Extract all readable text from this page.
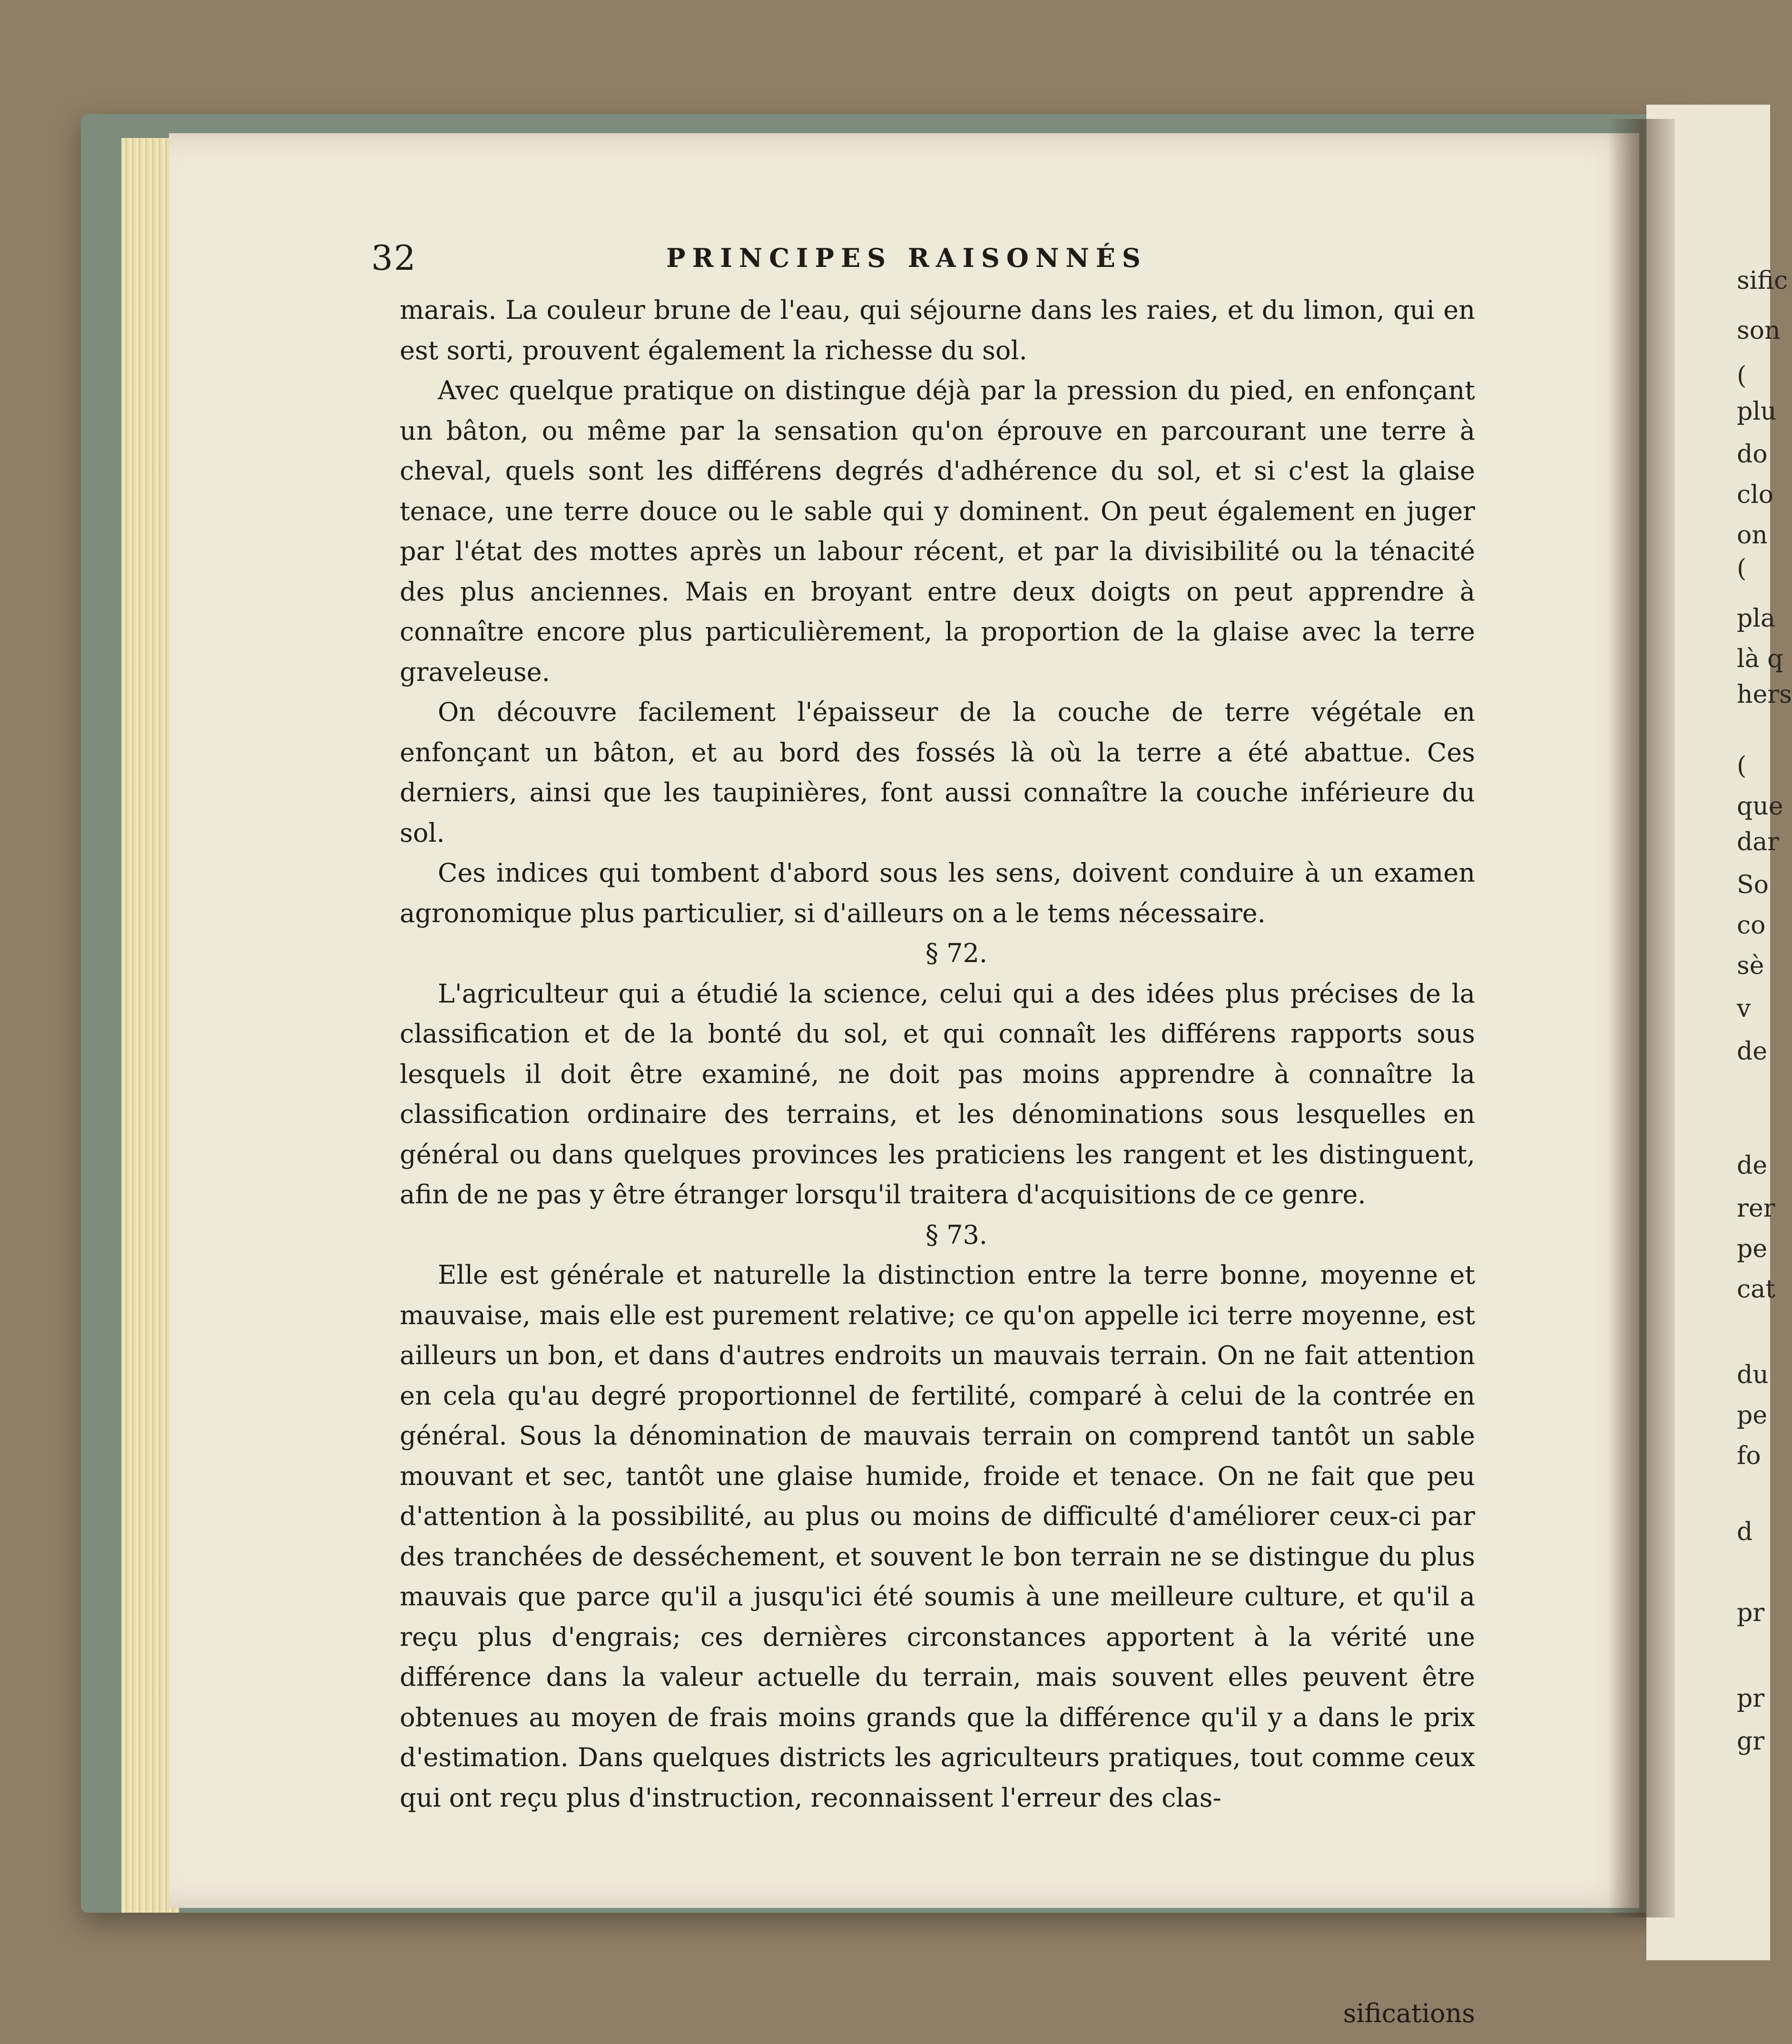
sific
son
(
plu
do
clo
on
(
pla
là q
hers
(
que
dar
So
co
sè
v
de
de
rer
pe
cat
du
pe
fo
d
pr
pr
gr
32	PRINCIPES RAISONNÉS

marais. La couleur brune de l'eau, qui séjourne dans les raies, et du limon, qui en est sorti, prouvent également la richesse du sol.

Avec quelque pratique on distingue déjà par la pression du pied, en enfonçant un bâton, ou même par la sensation qu'on éprouve en parcourant une terre à cheval, quels sont les différens degrés d'adhérence du sol, et si c'est la glaise tenace, une terre douce ou le sable qui y dominent. On peut également en juger par l'état des mottes après un labour récent, et par la divisibilité ou la ténacité des plus anciennes. Mais en broyant entre deux doigts on peut apprendre à connaître encore plus particulièrement, la proportion de la glaise avec la terre graveleuse.

On découvre facilement l'épaisseur de la couche de terre végétale en enfonçant un bâton, et au bord des fossés là où la terre a été abattue. Ces derniers, ainsi que les taupinières, font aussi connaître la couche inférieure du sol.

Ces indices qui tombent d'abord sous les sens, doivent conduire à un examen agronomique plus particulier, si d'ailleurs on a le tems nécessaire.

§ 72.

L'agriculteur qui a étudié la science, celui qui a des idées plus précises de la classification et de la bonté du sol, et qui connaît les différens rapports sous lesquels il doit être examiné, ne doit pas moins apprendre à connaître la classification ordinaire des terrains, et les dénominations sous lesquelles en général ou dans quelques provinces les praticiens les rangent et les distinguent, afin de ne pas y être étranger lorsqu'il traitera d'acquisitions de ce genre.

§ 73.

Elle est générale et naturelle la distinction entre la terre bonne, moyenne et mauvaise, mais elle est purement relative; ce qu'on appelle ici terre moyenne, est ailleurs un bon, et dans d'autres endroits un mauvais terrain. On ne fait attention en cela qu'au degré proportionnel de fertilité, comparé à celui de la contrée en général. Sous la dénomination de mauvais terrain on comprend tantôt un sable mouvant et sec, tantôt une glaise humide, froide et tenace. On ne fait que peu d'attention à la possibilité, au plus ou moins de difficulté d'améliorer ceux-ci par des tranchées de desséchement, et souvent le bon terrain ne se distingue du plus mauvais que parce qu'il a jusqu'ici été soumis à une meilleure culture, et qu'il a reçu plus d'engrais; ces dernières circonstances apportent à la vérité une différence dans la valeur actuelle du terrain, mais souvent elles peuvent être obtenues au moyen de frais moins grands que la différence qu'il y a dans le prix d'estimation. Dans quelques districts les agriculteurs pratiques, tout comme ceux qui ont reçu plus d'instruction, reconnaissent l'erreur des clas-

sifications
